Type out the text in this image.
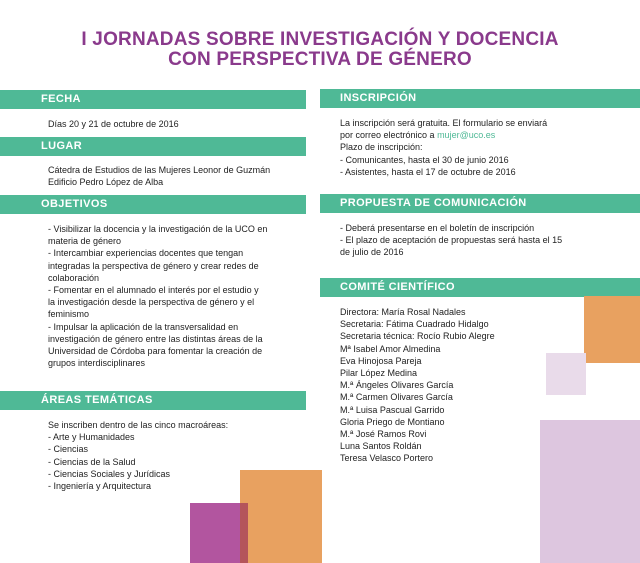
I JORNADAS SOBRE INVESTIGACIÓN Y DOCENCIA
CON PERSPECTIVA DE GÉNERO
FECHA
Días 20 y 21 de octubre de 2016
LUGAR
Cátedra de Estudios de las Mujeres Leonor de Guzmán
Edificio Pedro López de Alba
OBJETIVOS
- Visibilizar la docencia y la investigación de la UCO en
materia de género
- Intercambiar experiencias docentes que tengan
integradas la perspectiva de género y crear redes de
colaboración
- Fomentar en el alumnado el interés por el estudio y
la investigación desde la perspectiva de género y el
feminismo
- Impulsar la aplicación de la transversalidad en
investigación de género entre las distintas áreas de la
Universidad de Córdoba para fomentar la creación de
grupos interdisciplinares
ÁREAS TEMÁTICAS
Se inscriben dentro de las cinco macroáreas:
- Arte y Humanidades
- Ciencias
- Ciencias de la Salud
- Ciencias Sociales y Jurídicas
- Ingeniería y Arquitectura
INSCRIPCIÓN
La inscripción será gratuita. El formulario se enviará
por correo electrónico a mujer@uco.es
Plazo de inscripción:
- Comunicantes, hasta el 30 de junio 2016
- Asistentes, hasta el 17 de octubre de 2016
PROPUESTA DE COMUNICACIÓN
- Deberá presentarse en el boletín de inscripción
- El plazo de aceptación de propuestas será hasta el 15
de julio de 2016
COMITÉ CIENTÍFICO
Directora: María Rosal Nadales
Secretaria: Fátima Cuadrado Hidalgo
Secretaria técnica: Rocío Rubio Alegre
Mª Isabel Amor Almedina
Eva Hinojosa Pareja
Pilar López Medina
M.ª Ángeles Olivares García
M.ª Carmen Olivares García
M.ª Luisa Pascual Garrido
Gloria Priego de Montiano
M.ª José Ramos Rovi
Luna Santos Roldán
Teresa Velasco Portero
